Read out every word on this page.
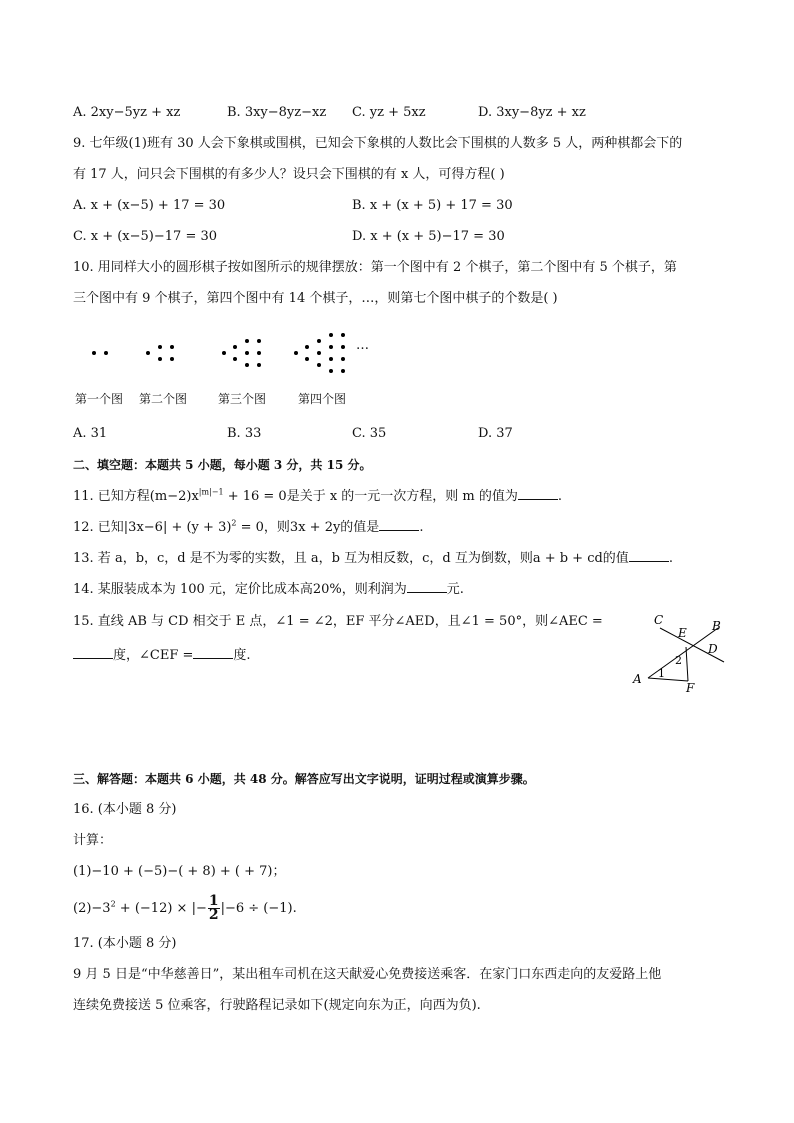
A. 2xy−5yz + xz	B. 3xy−8yz−xz C. yz + 5xz	D. 3xy−8yz + xz
9. 七年级(1)班有 30 人会下象棋或围棋，已知会下象棋的人数比会下围棋的人数多 5 人，两种棋都会下的
有 17 人，问只会下围棋的有多少人？设只会下围棋的有 x 人，可得方程( )
A. x + (x−5) + 17 = 30	B. x + (x + 5) + 17 = 30
C. x + (x−5)−17 = 30	D. x + (x + 5)−17 = 30
10. 用同样大小的圆形棋子按如图所示的规律摆放：第一个图中有 2 个棋子，第二个图中有 5 个棋子，第
三个图中有 9 个棋子，第四个图中有 14 个棋子，…，则第七个图中棋子的个数是( )
…
第一个图 第二个图	第三个图	第四个图
A. 31	B. 33	C. 35	D. 37
二、填空题：本题共 5 小题，每小题 3 分，共 15 分。
11. 已知方程$(m-2)x^{|m|-1} + 16 = 0$是关于 x 的一元一次方程，则 m 的值为	.
12. 已知$|3x-6| + (y + 3)^2 = 0$，则3x + 2y的值是	.
13. 若 a，b，c，d 是不为零的实数，且 a，b 互为相反数，c，d 互为倒数，则a + b + cd的值	.
14. 某服装成本为 100 元，定价比成本高20%，则利润为	元.
15. 直线 AB 与 CD 相交于 E 点，∠1 = ∠2，EF 平分∠AED，且∠1 = 50°，则∠AEC =
度，∠CEF =	度.
C
E B
D
A
F
1
2
三、解答题：本题共 6 小题，共 48 分。解答应写出文字说明，证明过程或演算步骤。
16. (本小题 8 分)
计算：
(1)−10 + (−5)−( + 8) + ( + 7)；
$(2)-3^2 + (-12)$ × |− $\frac{1}{2} |-6 \div (-1)$.
17. (本小题 8 分)
9 月 5 日是“中华慈善日”，某出租车司机在这天献爱心免费接送乘客．在家门口东西走向的友爱路上他
连续免费接送 5 位乘客，行驶路程记录如下(规定向东为正，向西为负).
